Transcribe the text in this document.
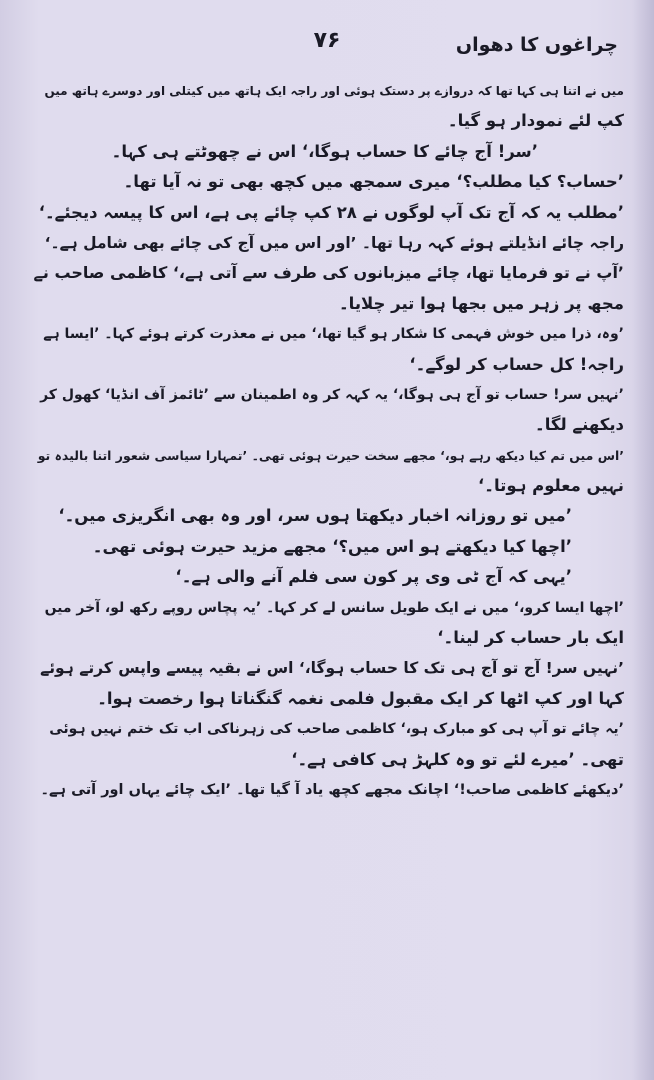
چراغوں کا دھواں
۷۶
میں نے اتنا ہی کہا تھا کہ دروازے پر دستک ہوئی اور راجہ ایک ہاتھ میں کیتلی اور دوسرے ہاتھ میں
کپ لئے نمودار ہو گیا۔
’سر! آج چائے کا حساب ہوگا،‘ اس نے چھوٹتے ہی کہا۔
’حساب؟ کیا مطلب؟‘ میری سمجھ میں کچھ بھی تو نہ آیا تھا۔
’مطلب یہ کہ آج تک آپ لوگوں نے ۲۸ کپ چائے پی ہے، اس کا پیسہ دیجئے۔‘
راجہ چائے انڈیلتے ہوئے کہہ رہا تھا۔ ’اور اس میں آج کی چائے بھی شامل ہے۔‘
’آپ نے تو فرمایا تھا، چائے میزبانوں کی طرف سے آتی ہے،‘ کاظمی صاحب نے
مجھ پر زہر میں بجھا ہوا تیر چلایا۔
’وہ، ذرا میں خوش فہمی کا شکار ہو گیا تھا،‘ میں نے معذرت کرتے ہوئے کہا۔ ’ایسا ہے
راجہ! کل حساب کر لوگے۔‘
’نہیں سر! حساب تو آج ہی ہوگا،‘ یہ کہہ کر وہ اطمینان سے ’ٹائمز آف انڈیا‘ کھول کر
دیکھنے لگا۔
’اس میں تم کیا دیکھ رہے ہو،‘ مجھے سخت حیرت ہوئی تھی۔ ’تمہارا سیاسی شعور اتنا بالیدہ تو
نہیں معلوم ہوتا۔‘
’میں تو روزانہ اخبار دیکھتا ہوں سر، اور وہ بھی انگریزی میں۔‘
’اچھا کیا دیکھتے ہو اس میں؟‘ مجھے مزید حیرت ہوئی تھی۔
’یہی کہ آج ٹی وی پر کون سی فلم آنے والی ہے۔‘
’اچھا ایسا کرو،‘ میں نے ایک طویل سانس لے کر کہا۔ ’یہ پچاس روپے رکھ لو، آخر میں
ایک بار حساب کر لینا۔‘
’نہیں سر! آج تو آج ہی تک کا حساب ہوگا،‘ اس نے بقیہ پیسے واپس کرتے ہوئے
کہا اور کپ اٹھا کر ایک مقبول فلمی نغمہ گنگناتا ہوا رخصت ہوا۔
’یہ چائے تو آپ ہی کو مبارک ہو،‘ کاظمی صاحب کی زہرناکی اب تک ختم نہیں ہوئی
تھی۔ ’میرے لئے تو وہ کلہڑ ہی کافی ہے۔‘
’دیکھئے کاظمی صاحب!‘ اچانک مجھے کچھ یاد آ گیا تھا۔ ’ایک چائے یہاں اور آتی ہے۔
